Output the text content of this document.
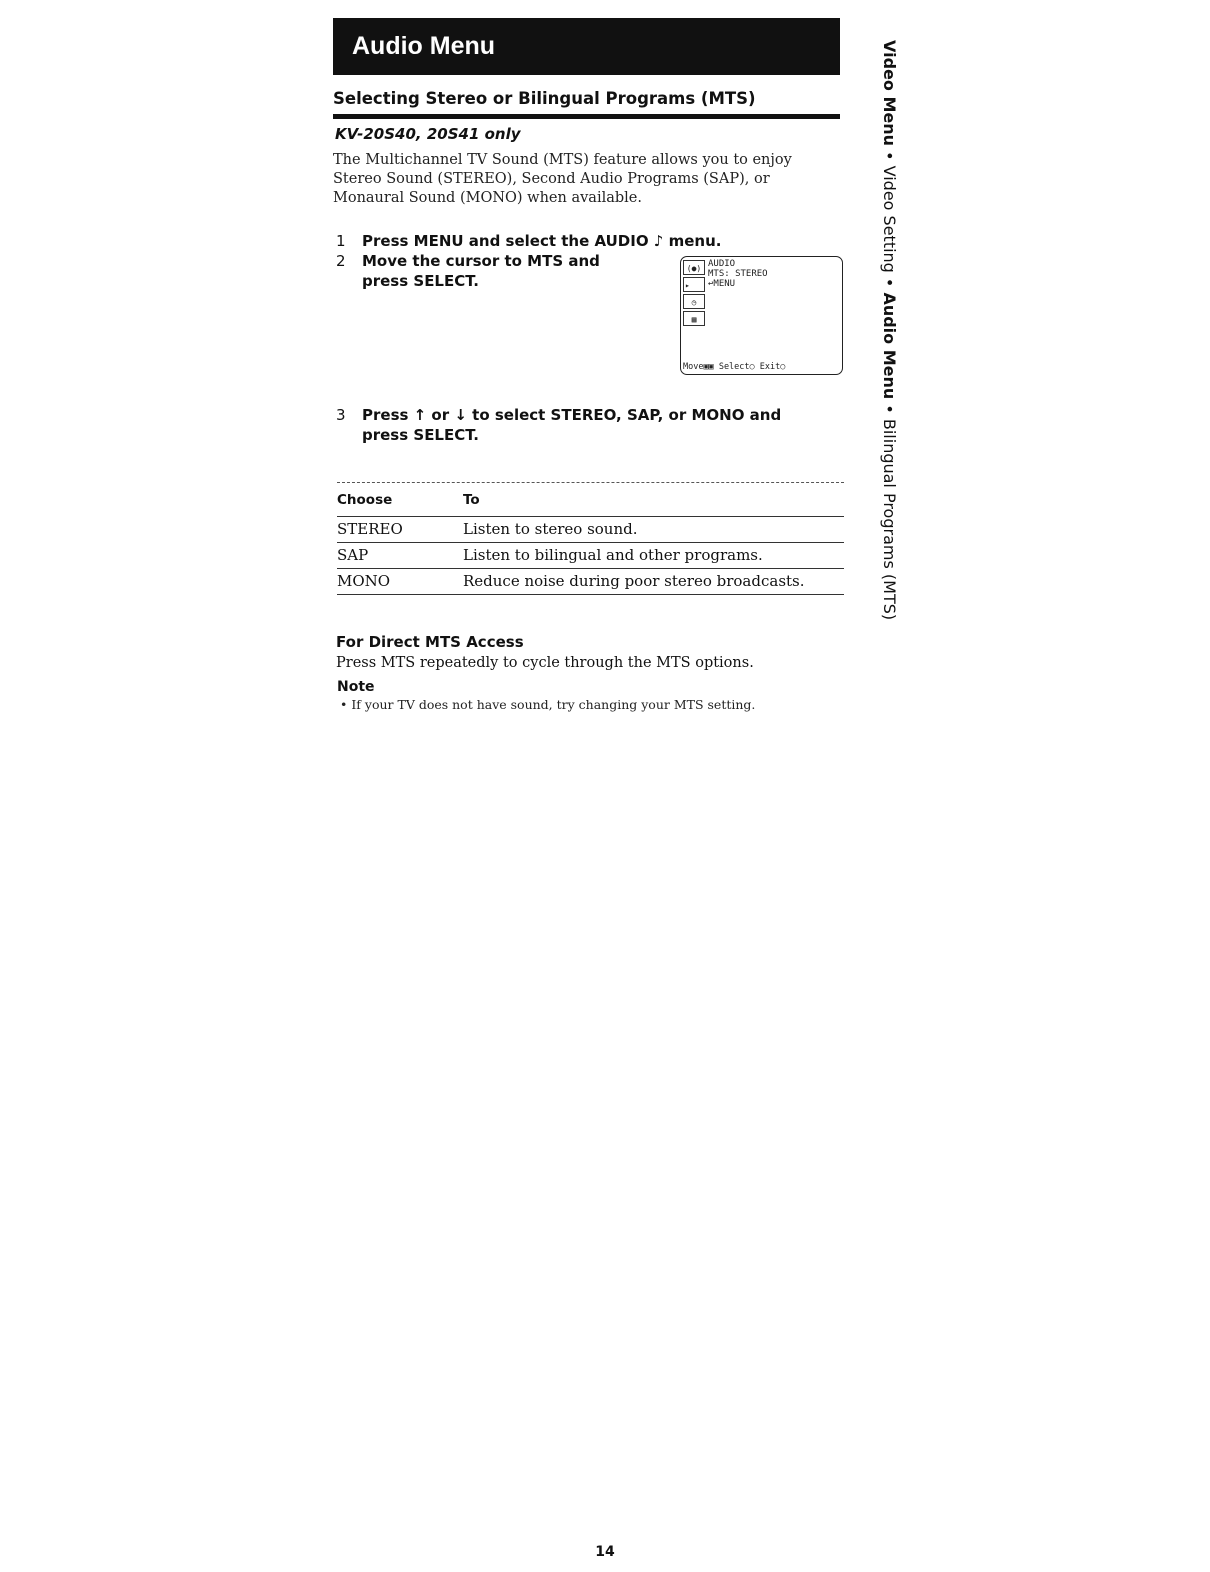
Audio Menu
Selecting Stereo or Bilingual Programs (MTS)
KV-20S40, 20S41 only
The Multichannel TV Sound (MTS) feature allows you to enjoy Stereo Sound (STEREO), Second Audio Programs (SAP), or Monaural Sound (MONO) when available.
1 Press MENU and select the AUDIO ♪ menu.
2 Move the cursor to MTS and press SELECT.
(●)
▸
◷
▦
AUDIO
MTS: STEREO
↩MENU
Move▣▣ Select○ Exit○
3 Press ↑ or ↓ to select STEREO, SAP, or MONO and press SELECT.
Choose	To
STEREO	Listen to stereo sound.
SAP	Listen to bilingual and other programs.
MONO	Reduce noise during poor stereo broadcasts.
For Direct MTS Access
Press MTS repeatedly to cycle through the MTS options.
Note
• If your TV does not have sound, try changing your MTS setting.
Video Menu • Video Setting • Audio Menu • Bilingual Programs (MTS)
14
